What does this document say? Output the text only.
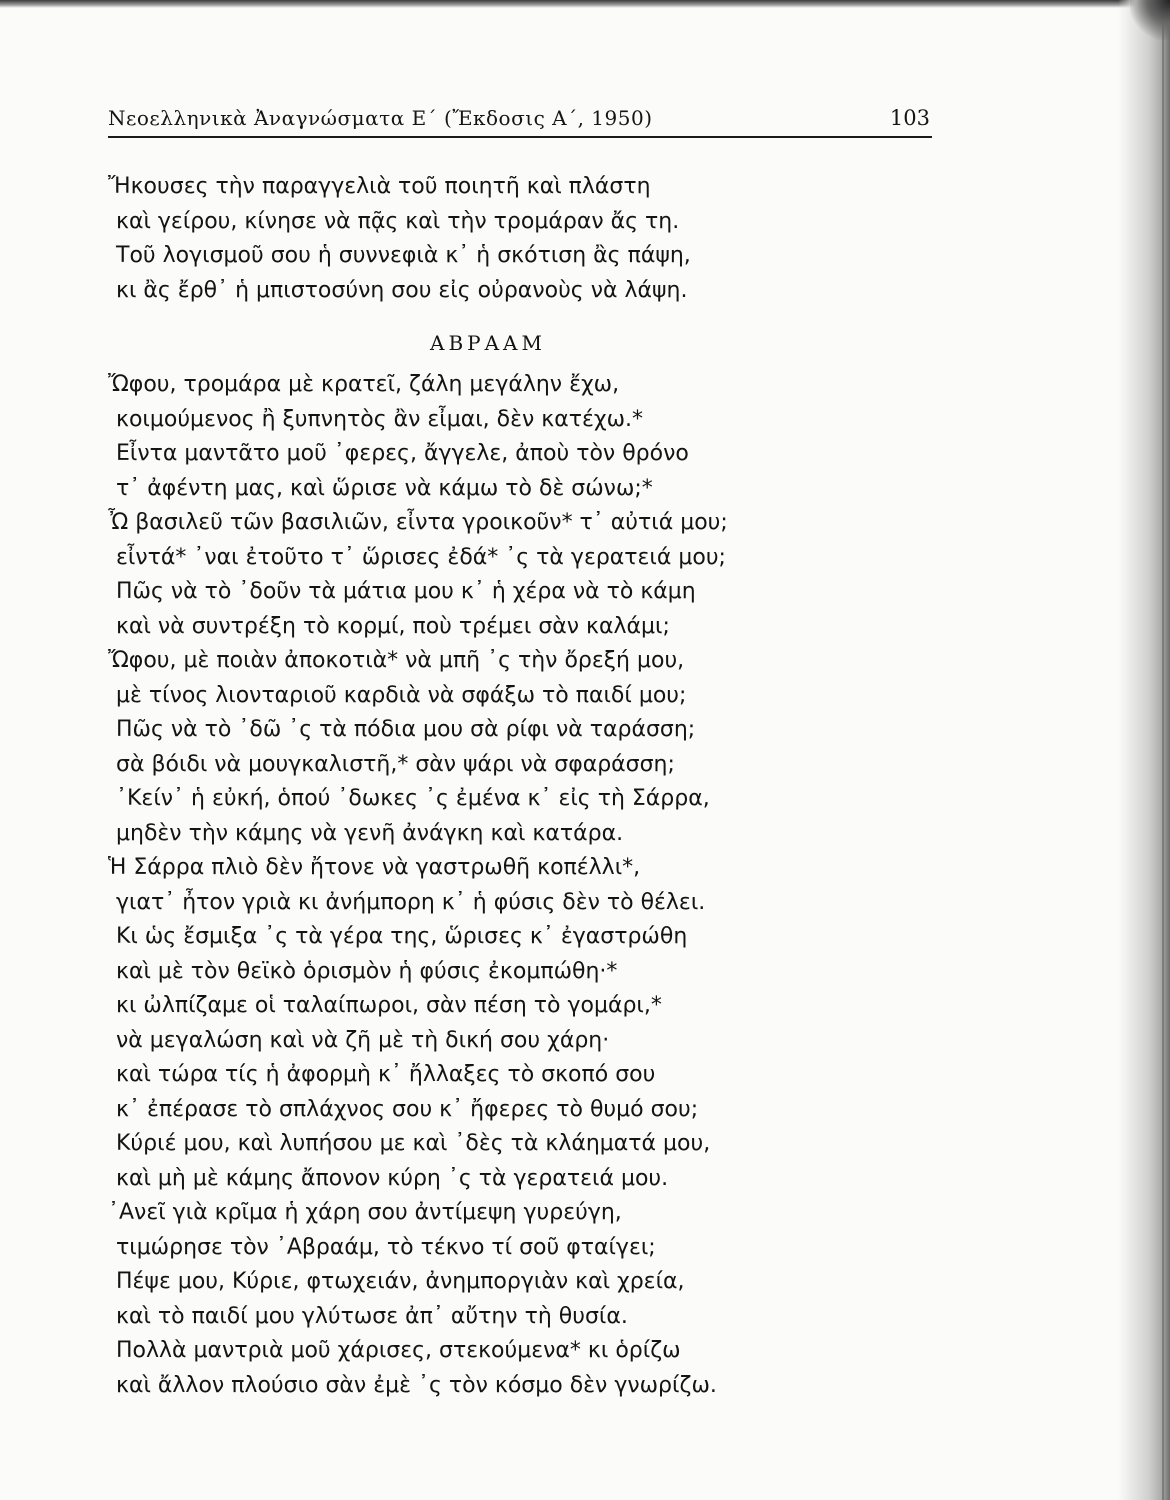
Νεοελληνικὰ Ἀναγνώσματα Ε΄ (Ἔκδοσις Α΄, 1950)	103
Ἤκουσες τὴν παραγγελιὰ τοῦ ποιητῆ καὶ πλάστη
καὶ γείρου, κίνησε νὰ πᾷς καὶ τὴν τρομάραν ἄς τη.
Τοῦ λογισμοῦ σου ἡ συννεφιὰ κ᾽ ἡ σκότιση ἂς πάψη,
κι ἂς ἔρθ᾽ ἡ μπιστοσύνη σου εἰς οὐρανοὺς νὰ λάψη.
ΑΒΡΑΑΜ
Ὤφου, τρομάρα μὲ κρατεῖ, ζάλη μεγάλην ἔχω,
κοιμούμενος ἢ ξυπνητὸς ἂν εἶμαι, δὲν κατέχω.*
Εἶντα μαντᾶτο μοῦ ᾽φερες, ἄγγελε, ἀποὺ τὸν θρόνο
τ᾽ ἀφέντη μας, καὶ ὥρισε νὰ κάμω τὸ δὲ σώνω;*
Ὦ βασιλεῦ τῶν βασιλιῶν, εἶντα γροικοῦν* τ᾽ αὐτιά μου;
εἶντά* ᾽ναι ἐτοῦτο τ᾽ ὥρισες ἐδά* ᾽ς τὰ γερατειά μου;
Πῶς νὰ τὸ ᾽δοῦν τὰ μάτια μου κ᾽ ἡ χέρα νὰ τὸ κάμη
καὶ νὰ συντρέξη τὸ κορμί, ποὺ τρέμει σὰν καλάμι;
Ὤφου, μὲ ποιὰν ἀποκοτιὰ* νὰ μπῆ ᾽ς τὴν ὄρεξή μου,
μὲ τίνος λιονταριοῦ καρδιὰ νὰ σφάξω τὸ παιδί μου;
Πῶς νὰ τὸ ᾽δῶ ᾽ς τὰ πόδια μου σὰ ρίφι νὰ ταράσση;
σὰ βόιδι νὰ μουγκαλιστῆ,* σὰν ψάρι νὰ σφαράσση;
᾽Κείν᾽ ἡ εὐκή, ὁπού ᾽δωκες ᾽ς ἐμένα κ᾽ εἰς τὴ Σάρρα,
μηδὲν τὴν κάμης νὰ γενῆ ἀνάγκη καὶ κατάρα.
Ἡ Σάρρα πλιὸ δὲν ἤτονε νὰ γαστρωθῆ κοπέλλι*,
γιατ᾽ ἦτον γριὰ κι ἀνήμπορη κ᾽ ἡ φύσις δὲν τὸ θέλει.
Κι ὡς ἔσμιξα ᾽ς τὰ γέρα της, ὥρισες κ᾽ ἐγαστρώθη
καὶ μὲ τὸν θεϊκὸ ὁρισμὸν ἡ φύσις ἐκομπώθη·*
κι ὠλπίζαμε οἱ ταλαίπωροι, σὰν πέση τὸ γομάρι,*
νὰ μεγαλώση καὶ νὰ ζῆ μὲ τὴ δική σου χάρη·
καὶ τώρα τίς ἡ ἀφορμὴ κ᾽ ἤλλαξες τὸ σκοπό σου
κ᾽ ἐπέρασε τὸ σπλάχνος σου κ᾽ ἤφερες τὸ θυμό σου;
Κύριέ μου, καὶ λυπήσου με καὶ ᾽δὲς τὰ κλάηματά μου,
καὶ μὴ μὲ κάμης ἄπονον κύρη ᾽ς τὰ γερατειά μου.
᾽Ανεῖ γιὰ κρῖμα ἡ χάρη σου ἀντίμεψη γυρεύγη,
τιμώρησε τὸν ᾽Αβραάμ, τὸ τέκνο τί σοῦ φταίγει;
Πέψε μου, Κύριε, φτωχειάν, ἀνημποργιὰν καὶ χρεία,
καὶ τὸ παιδί μου γλύτωσε ἀπ᾽ αὔτην τὴ θυσία.
Πολλὰ μαντριὰ μοῦ χάρισες, στεκούμενα* κι ὁρίζω
καὶ ἄλλον πλούσιο σὰν ἐμὲ ᾽ς τὸν κόσμο δὲν γνωρίζω.
